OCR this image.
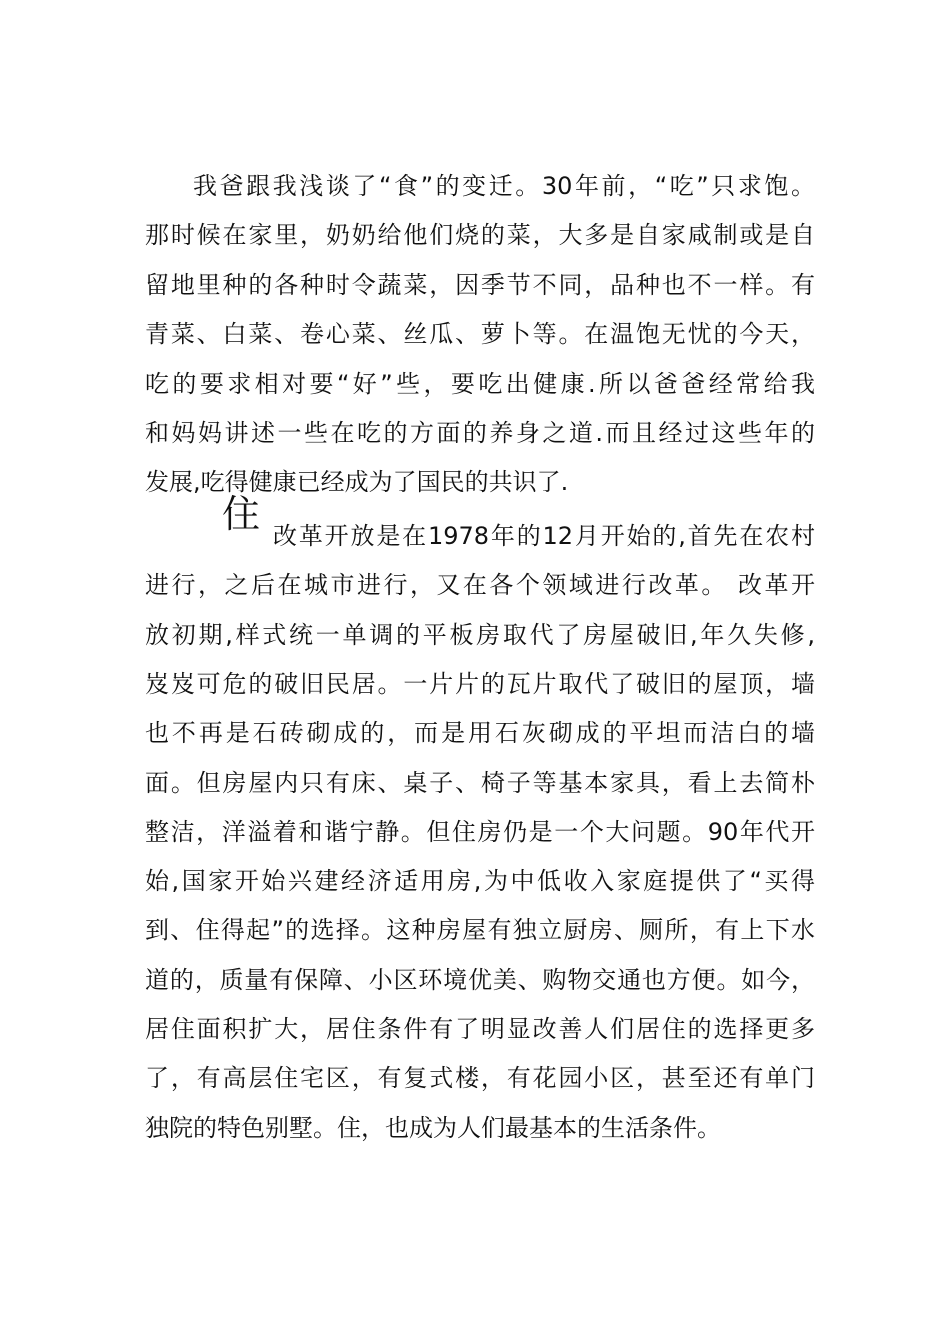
我爸跟我浅谈了“食”的变迁。30年前，“吃”只求饱。
那时候在家里，奶奶给他们烧的菜，大多是自家咸制或是自
留地里种的各种时令蔬菜，因季节不同，品种也不一样。有
青菜、白菜、卷心菜、丝瓜、萝卜等。在温饱无忧的今天，
吃的要求相对要“好”些，要吃出健康.所以爸爸经常给我
和妈妈讲述一些在吃的方面的养身之道.而且经过这些年的
发展,吃得健康已经成为了国民的共识了.
住 改革开放是在1978年的12月开始的,首先在农村
进行，之后在城市进行，又在各个领域进行改革。 改革开
放初期,样式统一单调的平板房取代了房屋破旧,年久失修,
岌岌可危的破旧民居。一片片的瓦片取代了破旧的屋顶，墙
也不再是石砖砌成的，而是用石灰砌成的平坦而洁白的墙
面。但房屋内只有床、桌子、椅子等基本家具，看上去简朴
整洁，洋溢着和谐宁静。但住房仍是一个大问题。90年代开
始,国家开始兴建经济适用房,为中低收入家庭提供了“买得
到、住得起”的选择。这种房屋有独立厨房、厕所，有上下水
道的，质量有保障、小区环境优美、购物交通也方便。如今，
居住面积扩大，居住条件有了明显改善人们居住的选择更多
了，有高层住宅区，有复式楼，有花园小区，甚至还有单门
独院的特色别墅。住，也成为人们最基本的生活条件。
